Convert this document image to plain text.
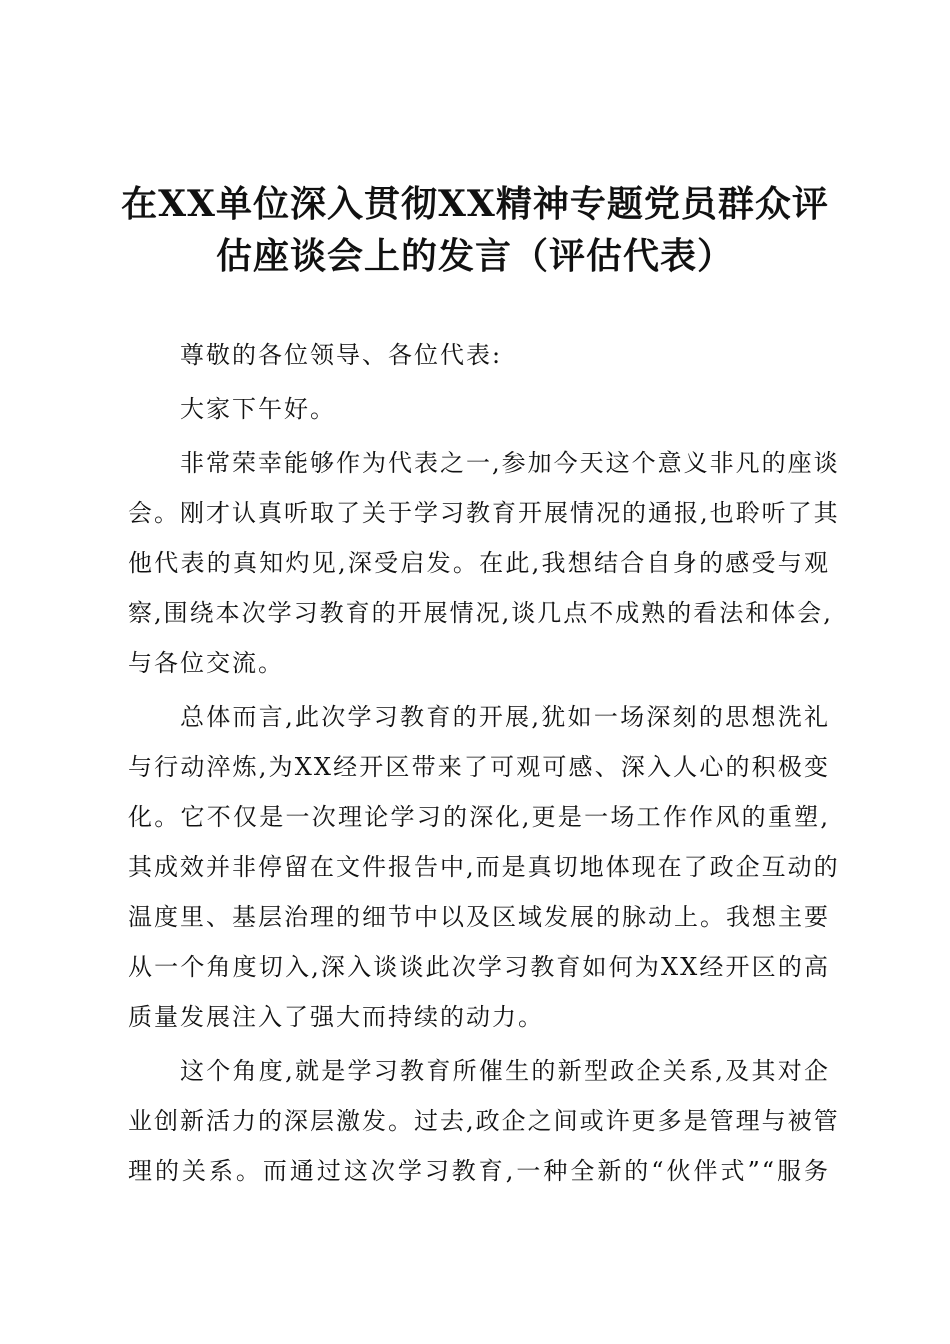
在XX单位深入贯彻XX精神专题党员群众评
估座谈会上的发言（评估代表）
尊敬的各位领导、各位代表:
大家下午好。
非常荣幸能够作为代表之一,参加今天这个意义非凡的座谈
会。刚才认真听取了关于学习教育开展情况的通报,也聆听了其
他代表的真知灼见,深受启发。在此,我想结合自身的感受与观
察,围绕本次学习教育的开展情况,谈几点不成熟的看法和体会,
与各位交流。
总体而言,此次学习教育的开展,犹如一场深刻的思想洗礼
与行动淬炼,为XX经开区带来了可观可感、深入人心的积极变
化。它不仅是一次理论学习的深化,更是一场工作作风的重塑,
其成效并非停留在文件报告中,而是真切地体现在了政企互动的
温度里、基层治理的细节中以及区域发展的脉动上。我想主要
从一个角度切入,深入谈谈此次学习教育如何为XX经开区的高
质量发展注入了强大而持续的动力。
这个角度,就是学习教育所催生的新型政企关系,及其对企
业创新活力的深层激发。过去,政企之间或许更多是管理与被管
理的关系。而通过这次学习教育,一种全新的“伙伴式”“服务
